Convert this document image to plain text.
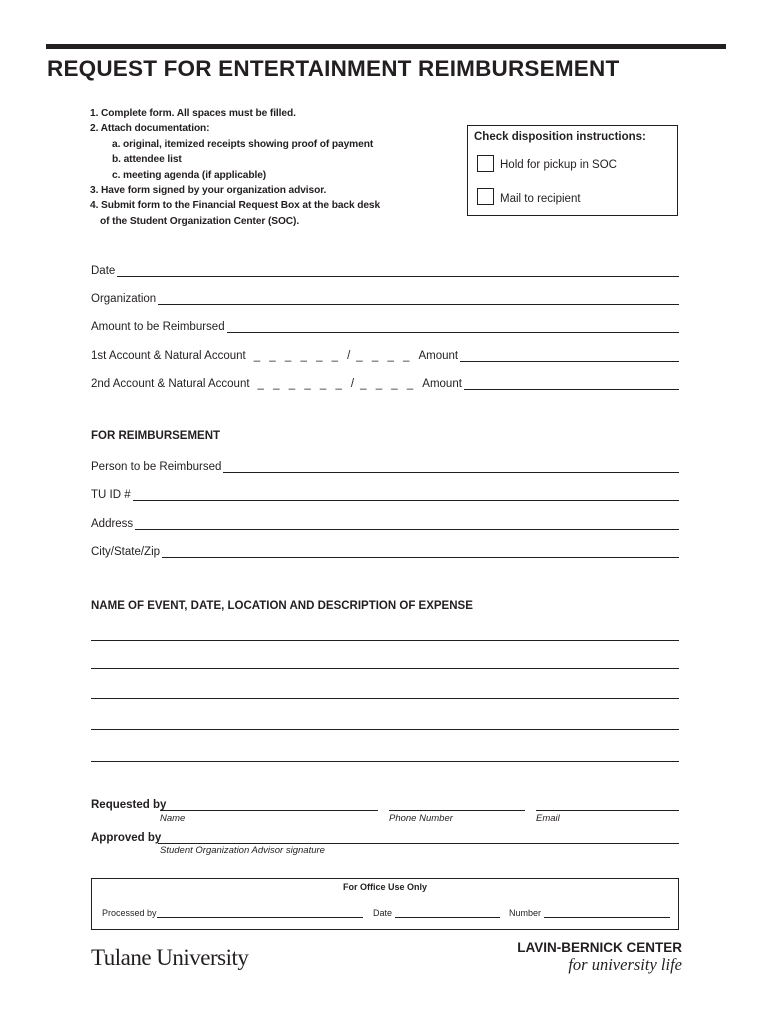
REQUEST FOR ENTERTAINMENT REIMBURSEMENT
1. Complete form. All spaces must be filled.
2. Attach documentation:
a. original, itemized receipts showing proof of payment
b. attendee list
c. meeting agenda (if applicable)
3. Have form signed by your organization advisor.
4. Submit form to the Financial Request Box at the back desk
of the Student Organization Center (SOC).
Check disposition instructions:
Hold for pickup in SOC
Mail to recipient
Date
Organization
Amount to be Reimbursed
1st Account & Natural Account _ _ _ _ _ _ / _ _ _ _ Amount
2nd Account & Natural Account _ _ _ _ _ _ / _ _ _ _ Amount
FOR REIMBURSEMENT
Person to be Reimbursed
TU ID #
Address
City/State/Zip
NAME OF EVENT, DATE, LOCATION AND DESCRIPTION OF EXPENSE
Requested by
Name	Phone Number	Email
Approved by
Student Organization Advisor signature
For Office Use Only
Processed by	Date	Number
Tulane University	LAVIN-BERNICK CENTER
for university life
